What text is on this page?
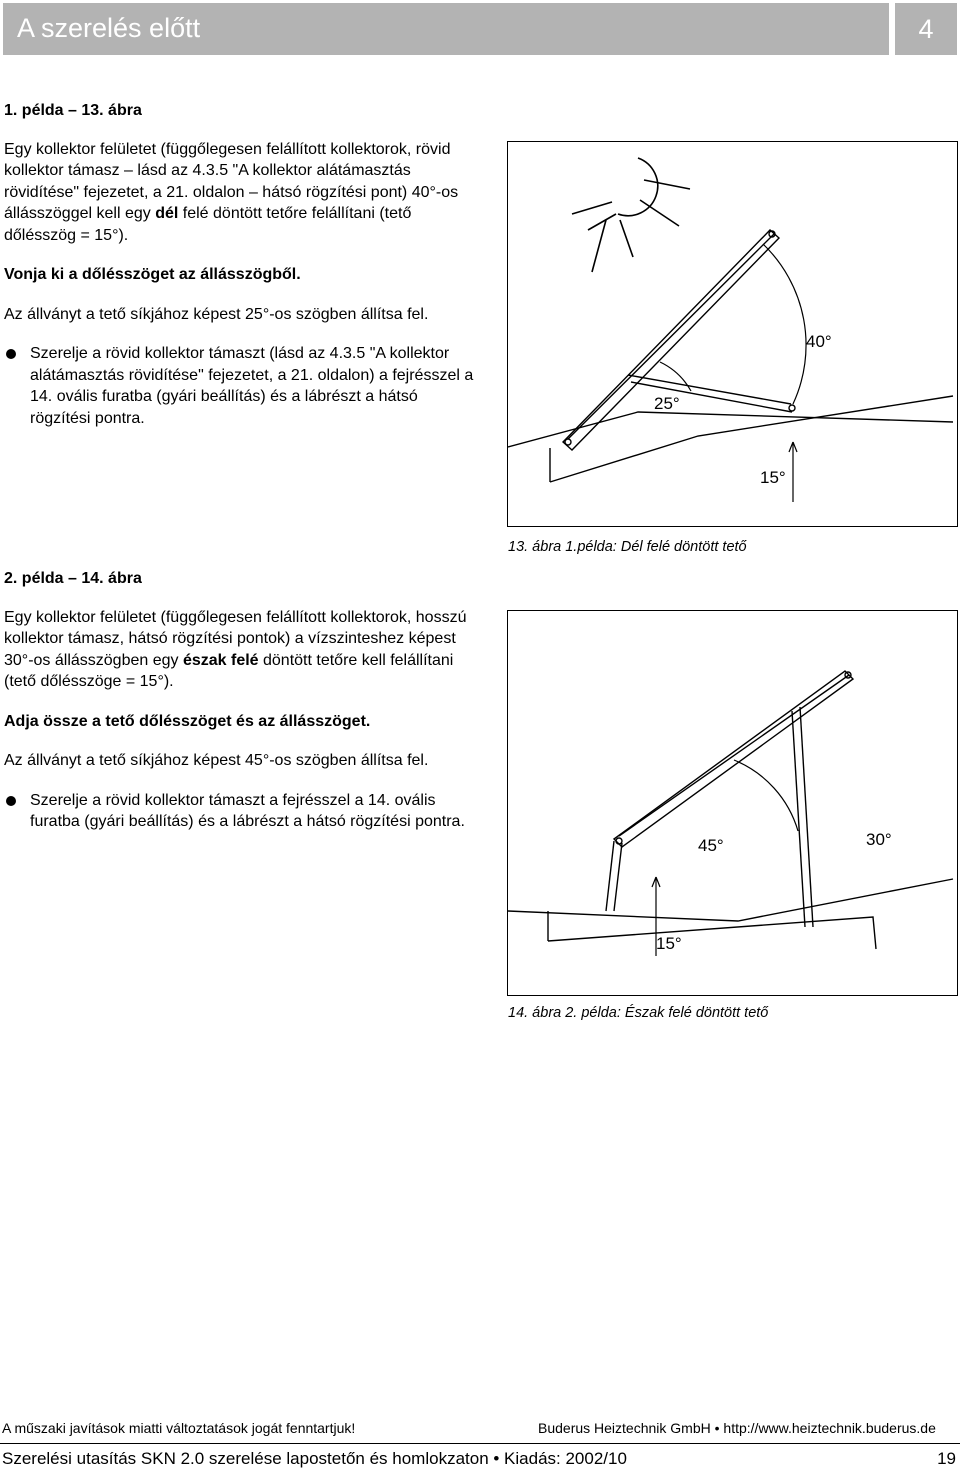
A szerelés előtt	4

1. példa – 13. ábra

Egy kollektor felületet (függőlegesen felállított kollektorok, rövid kollektor támasz – lásd az 4.3.5 "A kollektor alátámasztás rövidítése" fejezetet, a 21. oldalon – hátsó rögzítési pont) 40°-os állásszöggel kell egy dél felé döntött tetőre felállítani (tető dőlésszög = 15°).

Vonja ki a dőlésszöget az állásszögből.

Az állványt a tető síkjához képest 25°-os szögben állítsa fel.

Szerelje a rövid kollektor támaszt (lásd az 4.3.5 "A kollektor alátámasztás rövidítése" fejezetet, a 21. oldalon) a fejrésszel a 14. ovális furatba (gyári beállítás) és a lábrészt a hátsó rögzítési pontra.

40°
25°
15°
13. ábra 1.példa: Dél felé döntött tető

2. példa – 14. ábra

Egy kollektor felületet (függőlegesen felállított kollektorok, hosszú kollektor támasz, hátsó rögzítési pontok) a vízszinteshez képest 30°-os állásszögben egy észak felé döntött tetőre kell felállítani (tető dőlésszöge = 15°).

Adja össze a tető dőlésszöget és az állásszöget.

Az állványt a tető síkjához képest 45°-os szögben állítsa fel.

Szerelje a rövid kollektor támaszt a fejrésszel a 14. ovális furatba (gyári beállítás) és a lábrészt a hátsó rögzítési pontra.

45°	30°
15°
14. ábra 2. példa: Észak felé döntött tető
A műszaki javítások miatti változtatások jogát fenntartjuk!	Buderus Heiztechnik GmbH • http://www.heiztechnik.buderus.de
Szerelési utasítás SKN 2.0 szerelése lapostetőn és homlokzaton • Kiadás: 2002/10	19
